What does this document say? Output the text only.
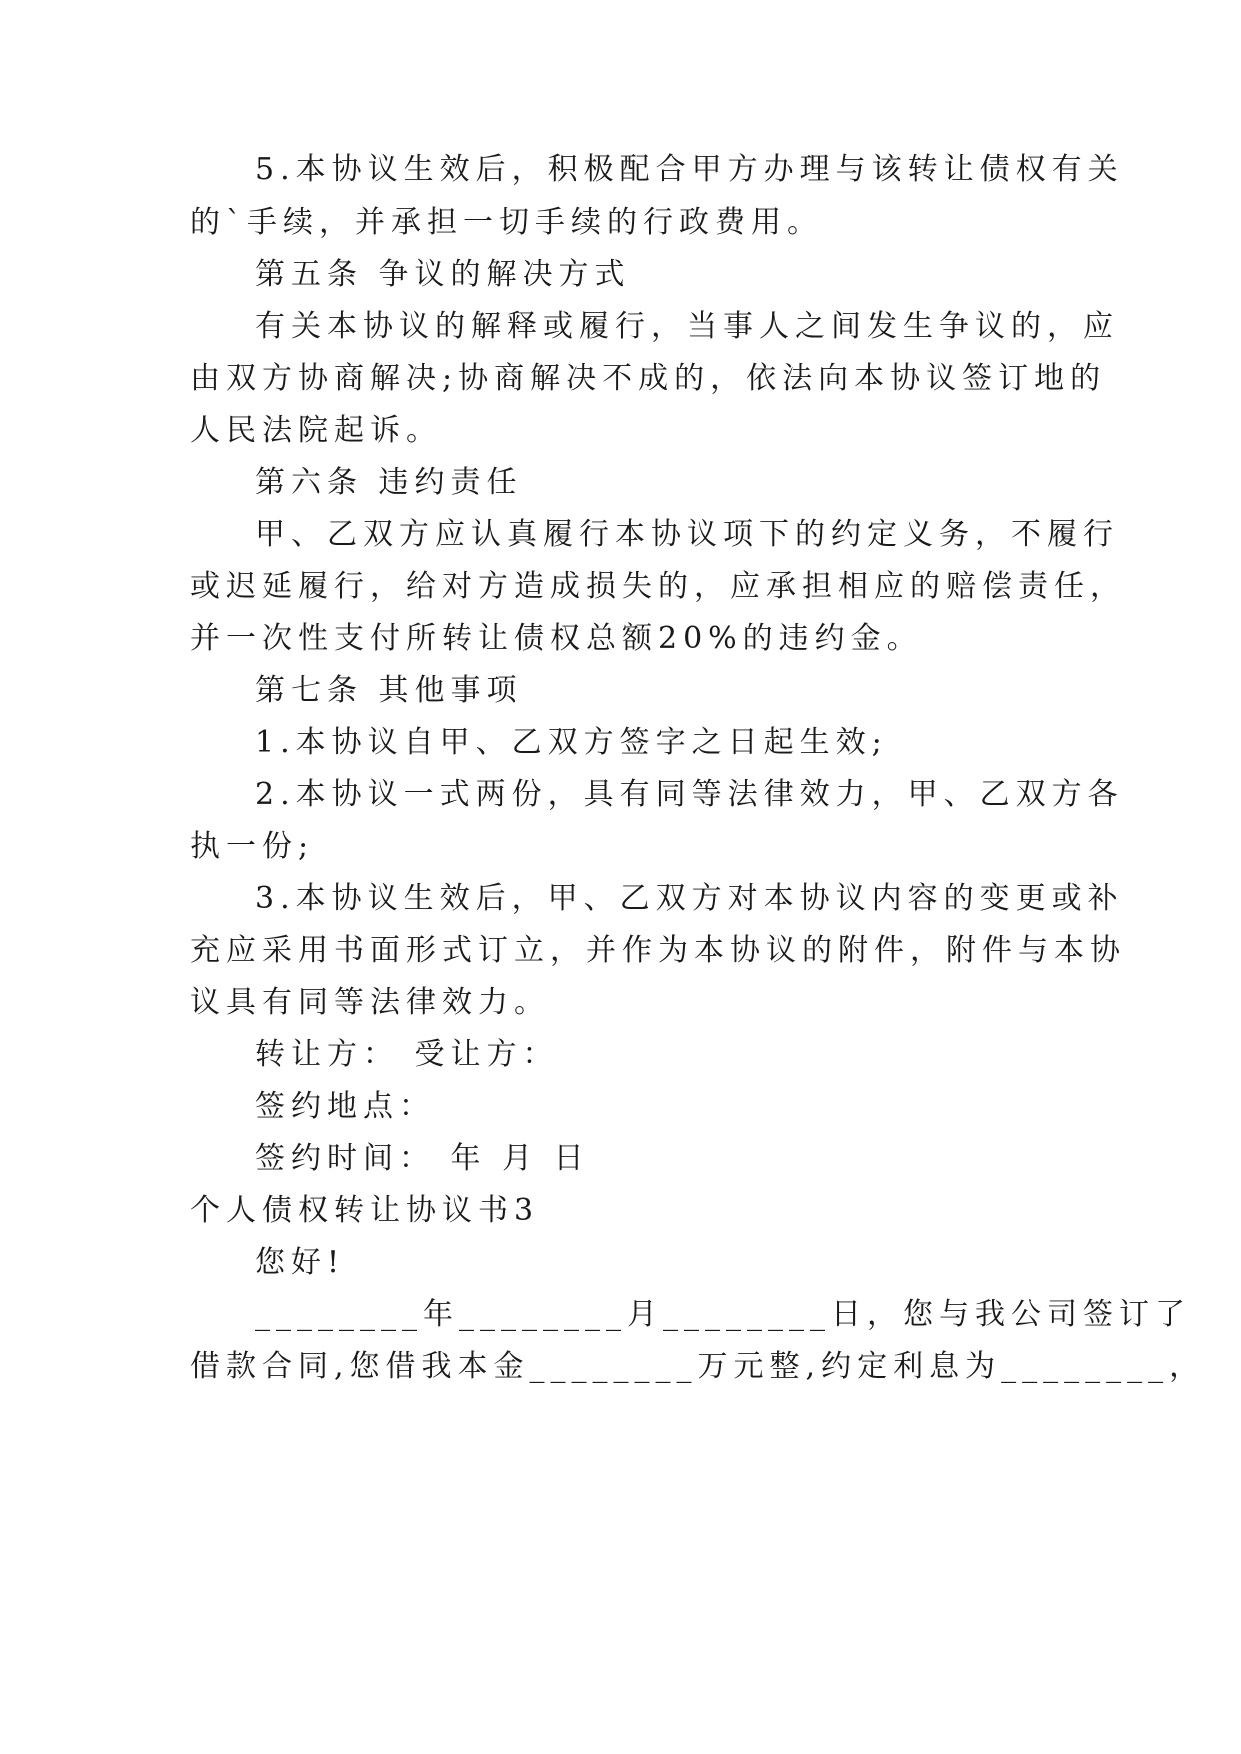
5.本协议生效后，积极配合甲方办理与该转让债权有关
的`手续，并承担一切手续的行政费用。
第五条 争议的解决方式
有关本协议的解释或履行，当事人之间发生争议的，应
由双方协商解决;协商解决不成的，依法向本协议签订地的
人民法院起诉。
第六条 违约责任
甲、乙双方应认真履行本协议项下的约定义务，不履行
或迟延履行，给对方造成损失的，应承担相应的赔偿责任，
并一次性支付所转让债权总额20%的违约金。
第七条 其他事项
1.本协议自甲、乙双方签字之日起生效;
2.本协议一式两份，具有同等法律效力，甲、乙双方各
执一份;
3.本协议生效后，甲、乙双方对本协议内容的变更或补
充应采用书面形式订立，并作为本协议的附件，附件与本协
议具有同等法律效力。
转让方： 受让方：
签约地点：
签约时间： 年 月 日
个人债权转让协议书3
您好!
________年________月________日，您与我公司签订了
借款合同,您借我本金________万元整,约定利息为________，
